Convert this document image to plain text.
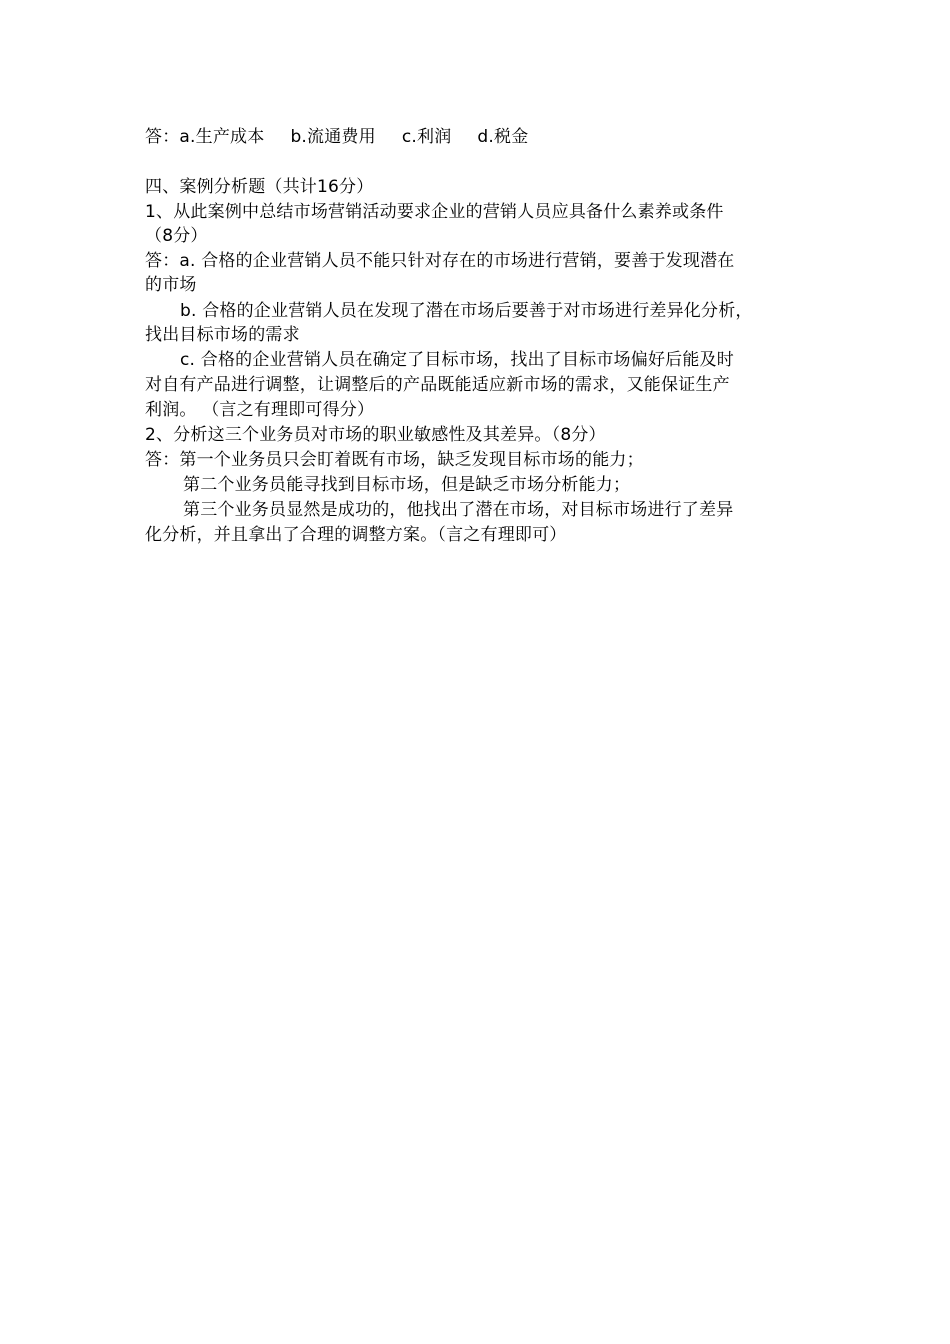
答：a.生产成本 b.流通费用 c.利润 d.税金
四、案例分析题（共计16分）
1、从此案例中总结市场营销活动要求企业的营销人员应具备什么素养或条件
（8分）
答：a. 合格的企业营销人员不能只针对存在的市场进行营销，要善于发现潜在
的市场
b. 合格的企业营销人员在发现了潜在市场后要善于对市场进行差异化分析，
找出目标市场的需求
c. 合格的企业营销人员在确定了目标市场，找出了目标市场偏好后能及时
对自有产品进行调整，让调整后的产品既能适应新市场的需求，又能保证生产
利润。 （言之有理即可得分）
2、分析这三个业务员对市场的职业敏感性及其差异。（8分）
答：第一个业务员只会盯着既有市场，缺乏发现目标市场的能力；
第二个业务员能寻找到目标市场，但是缺乏市场分析能力；
第三个业务员显然是成功的，他找出了潜在市场，对目标市场进行了差异
化分析，并且拿出了合理的调整方案。（言之有理即可）
